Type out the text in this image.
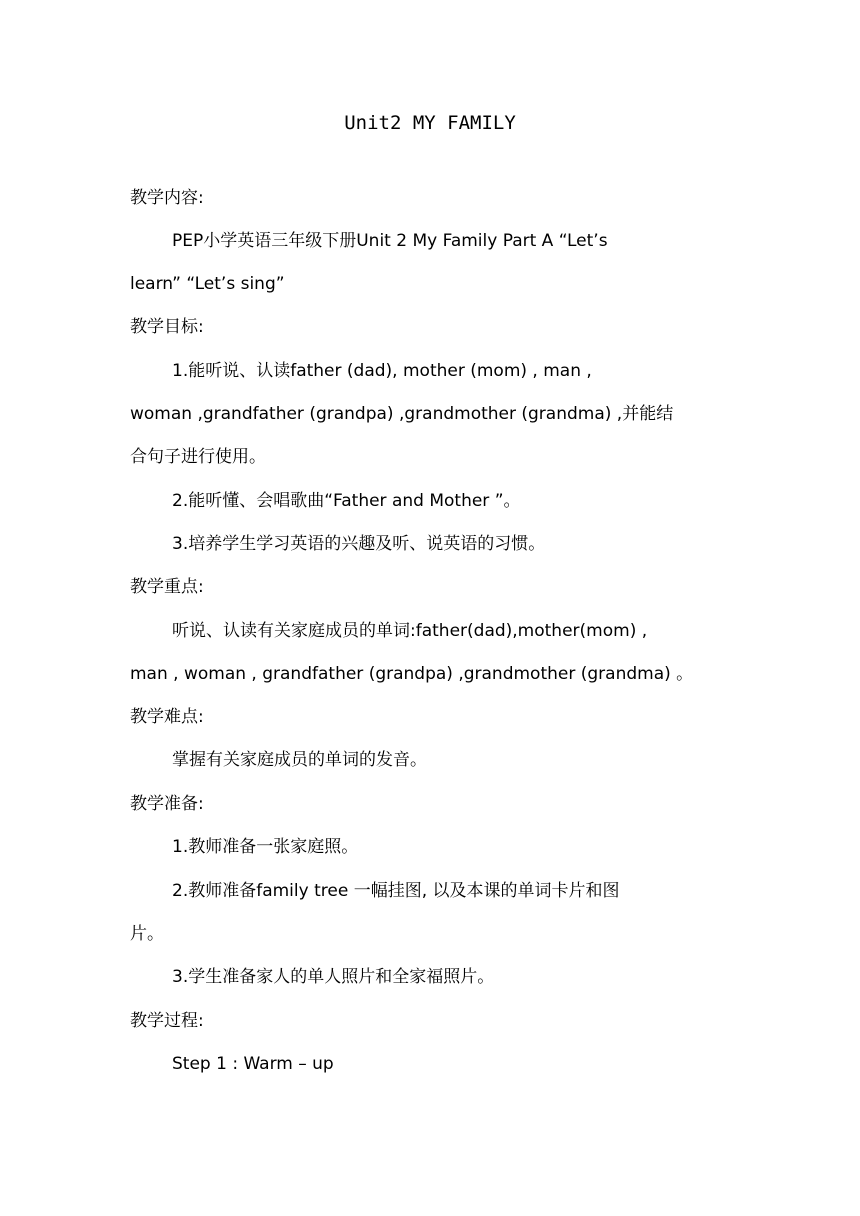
Unit2 MY FAMILY
教学内容:
PEP小学英语三年级下册Unit 2 My Family Part A “Let’s
learn” “Let’s sing”
教学目标:
1.能听说、认读father (dad), mother (mom) , man ,
woman ,grandfather (grandpa) ,grandmother (grandma) ,并能结
合句子进行使用。
2.能听懂、会唱歌曲“Father and Mother ”。
3.培养学生学习英语的兴趣及听、说英语的习惯。
教学重点:
听说、认读有关家庭成员的单词:father(dad),mother(mom) ,
man , woman , grandfather (grandpa) ,grandmother (grandma) 。
教学难点:
掌握有关家庭成员的单词的发音。
教学准备:
1.教师准备一张家庭照。
2.教师准备family tree 一幅挂图, 以及本课的单词卡片和图
片。
3.学生准备家人的单人照片和全家福照片。
教学过程:
Step 1 : Warm – up
